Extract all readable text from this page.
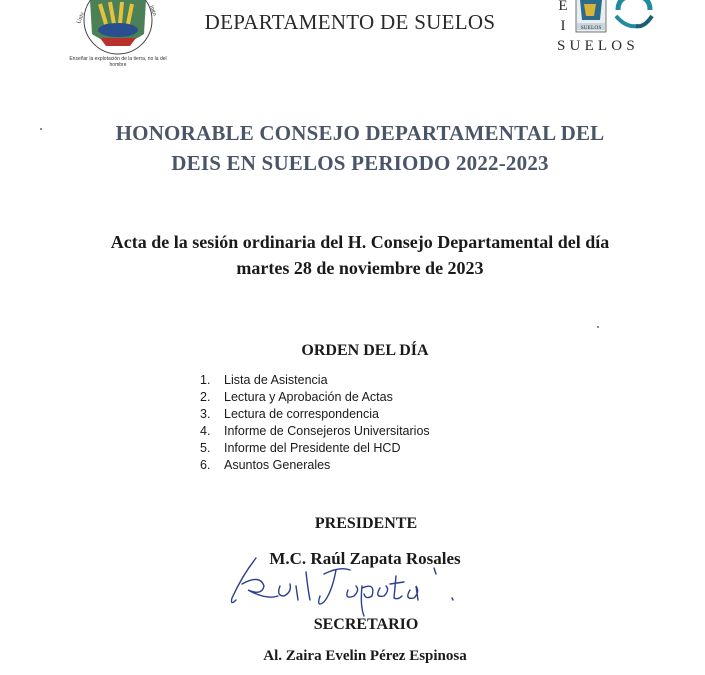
Univ
ingo
Enseñar la explotación de la tierra, no la del hombre
DEPARTAMENTO DE SUELOS	SUELOS
E
I
SUELOS
HONORABLE CONSEJO DEPARTAMENTAL DEL
DEIS EN SUELOS PERIODO 2022-2023
Acta de la sesión ordinaria del H. Consejo Departamental del día
martes 28 de noviembre de 2023
ORDEN DEL DÍA
1.	Lista de Asistencia
2.	Lectura y Aprobación de Actas
3.	Lectura de correspondencia
4.	Informe de Consejeros Universitarios
5.	Informe del Presidente del HCD
6.	Asuntos Generales
PRESIDENTE
M.C. Raúl Zapata Rosales
SECRETARIO
Al. Zaira Evelin Pérez Espinosa
